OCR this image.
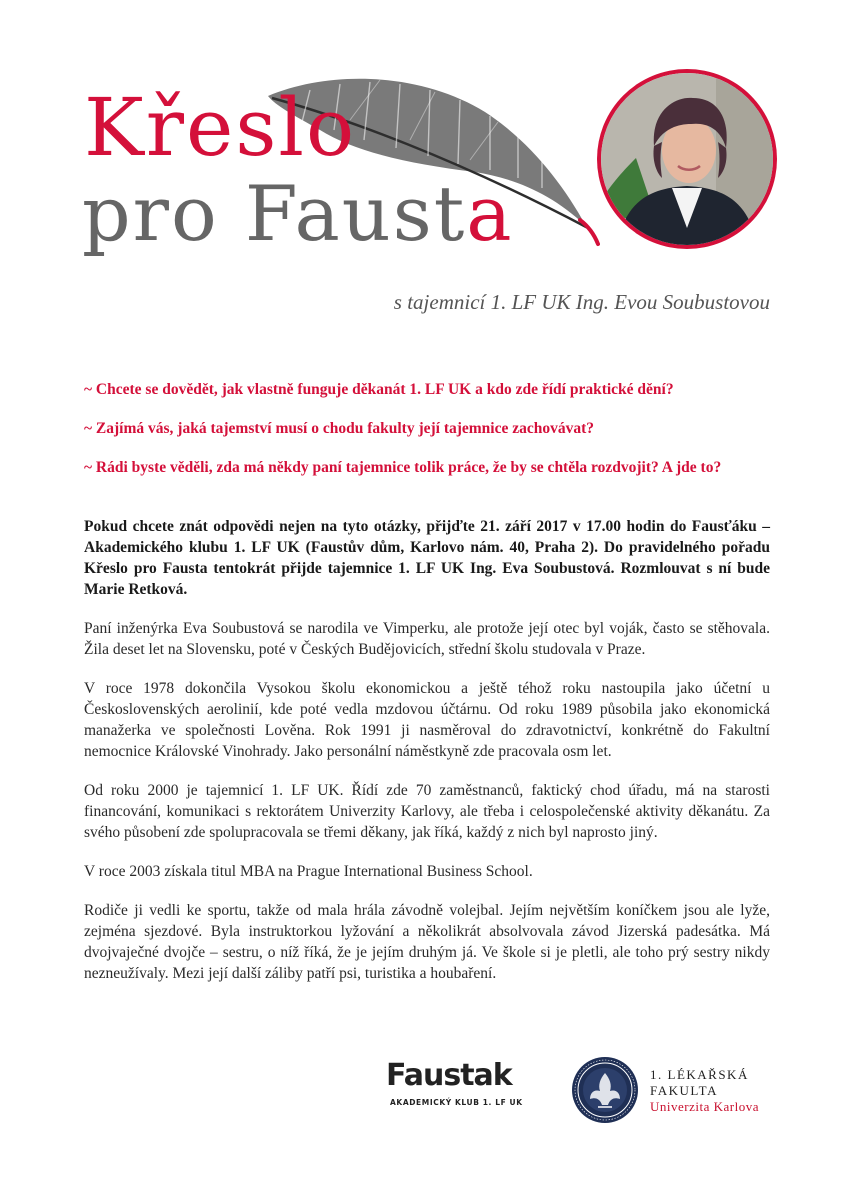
Křeslo
pro Fausta

s tajemnicí 1. LF UK Ing. Evou Soubustovou

~ Chcete se dovědět, jak vlastně funguje děkanát 1. LF UK a kdo zde řídí praktické dění?
~ Zajímá vás, jaká tajemství musí o chodu fakulty její tajemnice zachovávat?
~ Rádi byste věděli, zda má někdy paní tajemnice tolik práce, že by se chtěla rozdvojit? A jde to?

Pokud chcete znát odpovědi nejen na tyto otázky, přijďte 21. září 2017 v 17.00 hodin do Fausťáku – Akademického klubu 1. LF UK (Faustův dům, Karlovo nám. 40, Praha 2). Do pravidelného pořadu Křeslo pro Fausta tentokrát přijde tajemnice 1. LF UK Ing. Eva Soubustová. Rozmlouvat s ní bude Marie Retková.

Paní inženýrka Eva Soubustová se narodila ve Vimperku, ale protože její otec byl voják, často se stěhovala. Žila deset let na Slovensku, poté v Českých Budějovicích, střední školu studovala v Praze.

V roce 1978 dokončila Vysokou školu ekonomickou a ještě téhož roku nastoupila jako účetní u Československých aerolinií, kde poté vedla mzdovou účtárnu. Od roku 1989 působila jako ekonomická manažerka ve společnosti Lověna. Rok 1991 ji nasměroval do zdravotnictví, konkrétně do Fakultní nemocnice Královské Vinohrady. Jako personální náměstkyně zde pracovala osm let.

Od roku 2000 je tajemnicí 1. LF UK. Řídí zde 70 zaměstnanců, faktický chod úřadu, má na starosti financování, komunikaci s rektorátem Univerzity Karlovy, ale třeba i celospolečenské aktivity děkanátu. Za svého působení zde spolupracovala se třemi děkany, jak říká, každý z nich byl naprosto jiný.

V roce 2003 získala titul MBA na Prague International Business School.

Rodiče ji vedli ke sportu, takže od mala hrála závodně volejbal. Jejím největším koníčkem jsou ale lyže, zejména sjezdové. Byla instruktorkou lyžování a několikrát absolvovala závod Jizerská padesátka. Má dvojvaječné dvojče – sestru, o níž říká, že je jejím druhým já. Ve škole si je pletli, ale toho prý sestry nikdy nezneužívaly. Mezi její další záliby patří psi, turistika a houbaření.

Faustak

AKADEMICKÝ KLUB 1. LF UK

1. LÉKAŘSKÁ

FAKULTA

Univerzita Karlova
